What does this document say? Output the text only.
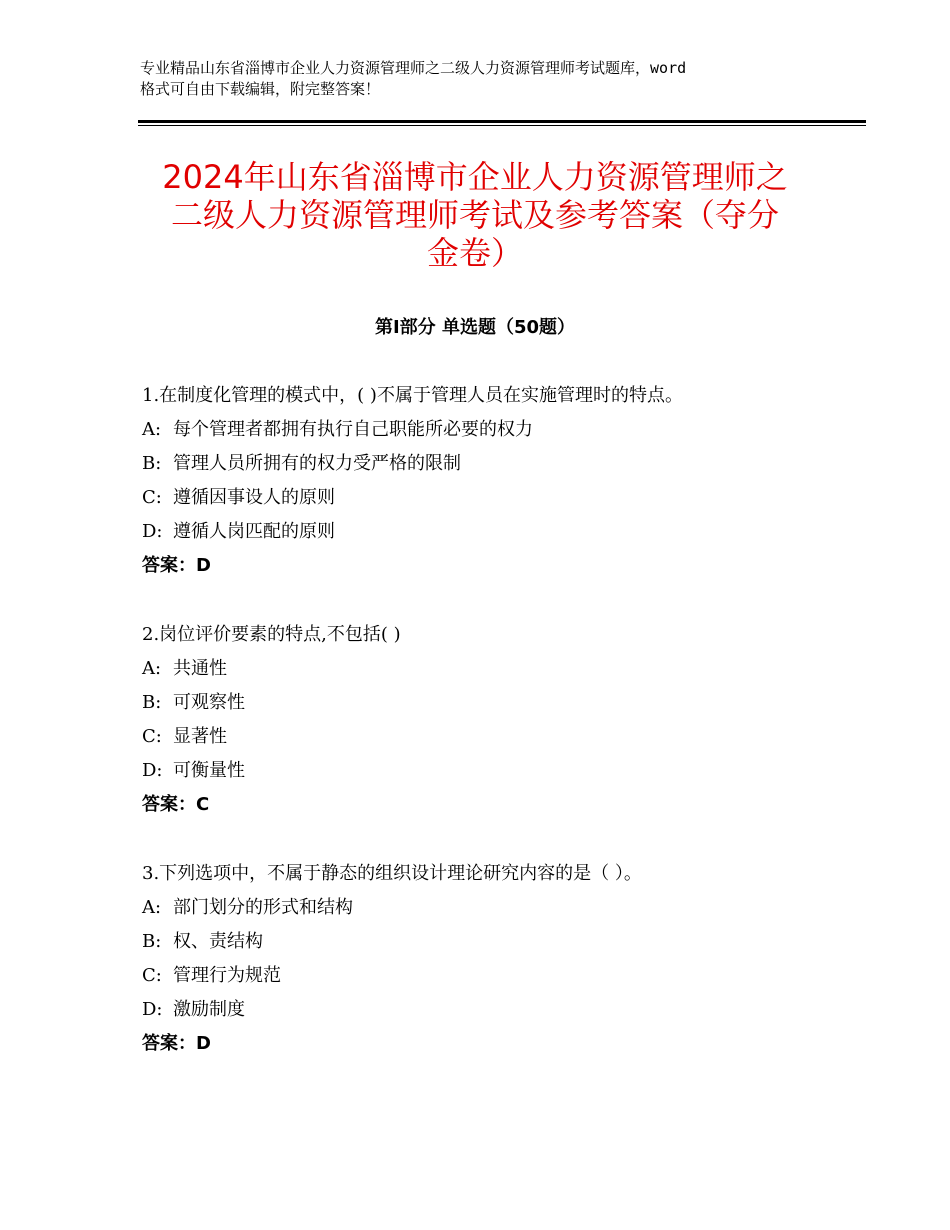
专业精品山东省淄博市企业人力资源管理师之二级人力资源管理师考试题库，word
格式可自由下载编辑，附完整答案！
2024年山东省淄博市企业人力资源管理师之
二级人力资源管理师考试及参考答案（夺分
金卷）
第Ⅰ部分 单选题（50题）
1.在制度化管理的模式中，( )不属于管理人员在实施管理时的特点。
A: 每个管理者都拥有执行自己职能所必要的权力
B: 管理人员所拥有的权力受严格的限制
C: 遵循因事设人的原则
D: 遵循人岗匹配的原则
答案：D
2.岗位评价要素的特点,不包括( )
A: 共通性
B: 可观察性
C: 显著性
D: 可衡量性
答案：C
3.下列选项中，不属于静态的组织设计理论研究内容的是（ ）。
A: 部门划分的形式和结构
B: 权、责结构
C: 管理行为规范
D: 激励制度
答案：D
